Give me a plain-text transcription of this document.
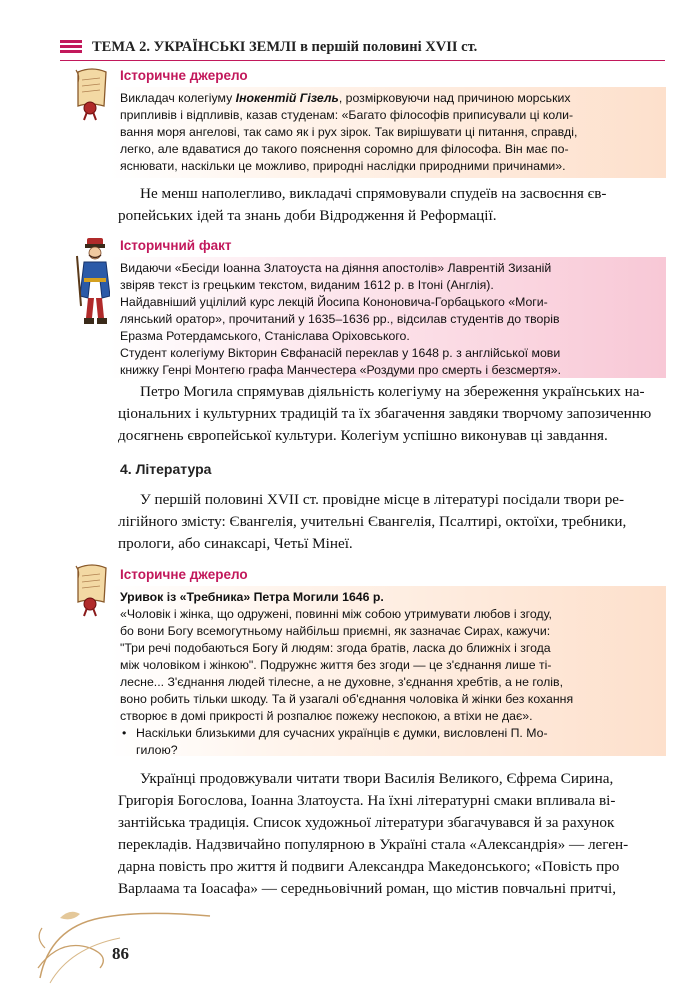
ТЕМА 2. УКРАЇНСЬКІ ЗЕМЛІ в першій половині XVII ст.
Історичне джерело
Викладач колегіуму Інокентій Гізель, розмірковуючи над причиною морських
припливів і відпливів, казав студенам: «Багато філософів приписували ці коли-
вання моря ангелові, так само як і рух зірок. Так вирішувати ці питання, справді,
легко, але вдаватися до такого пояснення соромно для філософа. Він має по-
яснювати, наскільки це можливо, природні наслідки природними причинами».
Не менш наполегливо, викладачі спрямовували спудеїв на засвоєння єв-
ропейських ідей та знань доби Відродження й Реформації.
Історичний факт
Видаючи «Бесіди Іоанна Златоуста на діяння апостолів» Лаврентій Зизаній
звіряв текст із грецьким текстом, виданим 1612 р. в Ітоні (Англія).
Найдавніший уцілілий курс лекцій Йосипа Кононовича-Горбацького «Моги-
лянський оратор», прочитаний у 1635–1636 рр., відсилав студентів до творів
Еразма Ротердамського, Станіслава Оріховського.
Студент колегіуму Вікторин Євфанасій переклав у 1648 р. з англійської мови
книжку Генрі Монтегю графа Манчестера «Роздуми про смерть і безсмертя».
Петро Могила спрямував діяльність колегіуму на збереження українських на-
ціональних і культурних традицій та їх збагачення завдяки творчому запозиченню
досягнень європейської культури. Колегіум успішно виконував ці завдання.
4. Література
У першій половині XVII ст. провідне місце в літературі посідали твори ре-
лігійного змісту: Євангелія, учительні Євангелія, Псалтирі, октоїхи, требники,
прологи, або синаксарі, Четьї Мінеї.
Історичне джерело
Уривок із «Требника» Петра Могили 1646 р.
«Чоловік і жінка, що одружені, повинні між собою утримувати любов і згоду,
бо вони Богу всемогутньому найбільш приємні, як зазначає Сирах, кажучи:
"Три речі подобаються Богу й людям: згода братів, ласка до ближніх і згода
між чоловіком і жінкою". Подружнє життя без згоди — це з'єднання лише ті-
лесне... З'єднання людей тілесне, а не духовне, з'єднання хребтів, а не голів,
воно робить тільки шкоду. Та й узагалі об'єднання чоловіка й жінки без кохання
створює в домі прикрості й розпалює пожежу неспокою, а втіхи не дає».
• Наскільки близькими для сучасних українців є думки, висловлені П. Мо-
гилою?
Українці продовжували читати твори Василія Великого, Єфрема Сирина,
Григорія Богослова, Іоанна Златоуста. На їхні літературні смаки впливала ві-
зантійська традиція. Список художньої літератури збагачувався й за рахунок
перекладів. Надзвичайно популярною в Україні стала «Александрія» — леген-
дарна повість про життя й подвиги Александра Македонського; «Повість про
Варлаама та Іоасафа» — середньовічний роман, що містив повчальні притчі,
86
